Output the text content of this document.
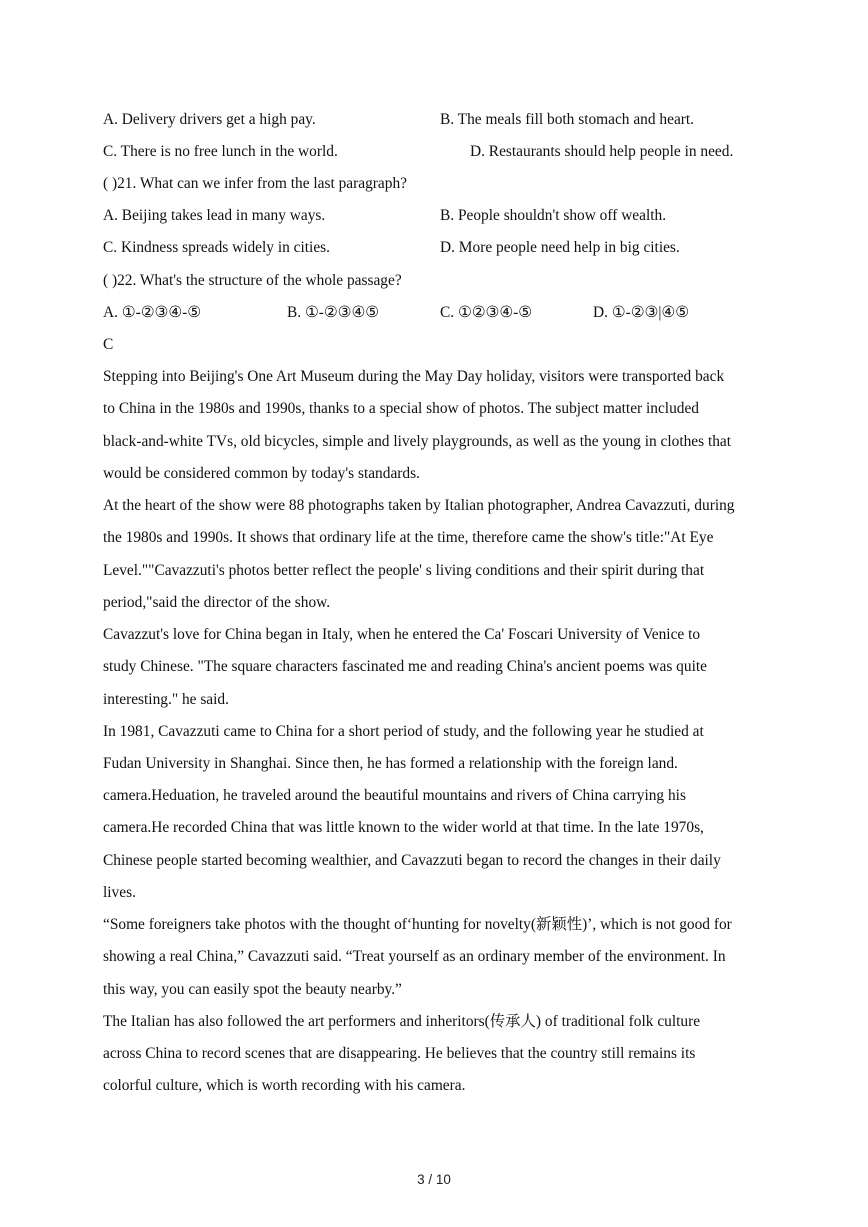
A. Delivery drivers get a high pay.	B. The meals fill both stomach and heart.
C. There is no free lunch in the world.	D. Restaurants should help people in need.
( )21. What can we infer from the last paragraph?
A. Beijing takes lead in many ways.	B. People shouldn't show off wealth.
C. Kindness spreads widely in cities.	D. More people need help in big cities.
( )22. What's the structure of the whole passage?
A. ①-②③④-⑤	B. ①-②③④⑤	C. ①②③④-⑤	D. ①-②③|④⑤
C
Stepping into Beijing's One Art Museum during the May Day holiday, visitors were transported back
to China in the 1980s and 1990s, thanks to a special show of photos. The subject matter included
black-and-white TVs, old bicycles, simple and lively playgrounds, as well as the young in clothes that
would be considered common by today's standards.
At the heart of the show were 88 photographs taken by Italian photographer, Andrea Cavazzuti, during
the 1980s and 1990s. It shows that ordinary life at the time, therefore came the show's title:"At Eye
Level.""Cavazzuti's photos better reflect the people' s living conditions and their spirit during that
period,"said the director of the show.
Cavazzut's love for China began in Italy, when he entered the Ca' Foscari University of Venice to
study Chinese. "The square characters fascinated me and reading China's ancient poems was quite
interesting." he said.
In 1981, Cavazzuti came to China for a short period of study, and the following year he studied at
Fudan University in Shanghai. Since then, he has formed a relationship with the foreign land.
camera.Heduation, he traveled around the beautiful mountains and rivers of China carrying his
camera.He recorded China that was little known to the wider world at that time. In the late 1970s,
Chinese people started becoming wealthier, and Cavazzuti began to record the changes in their daily
lives.
“Some foreigners take photos with the thought of‘hunting for novelty(新颖性)’, which is not good for
showing a real China,” Cavazzuti said. “Treat yourself as an ordinary member of the environment. In
this way, you can easily spot the beauty nearby.”
The Italian has also followed the art performers and inheritors(传承人) of traditional folk culture
across China to record scenes that are disappearing. He believes that the country still remains its
colorful culture, which is worth recording with his camera.
3 / 10
